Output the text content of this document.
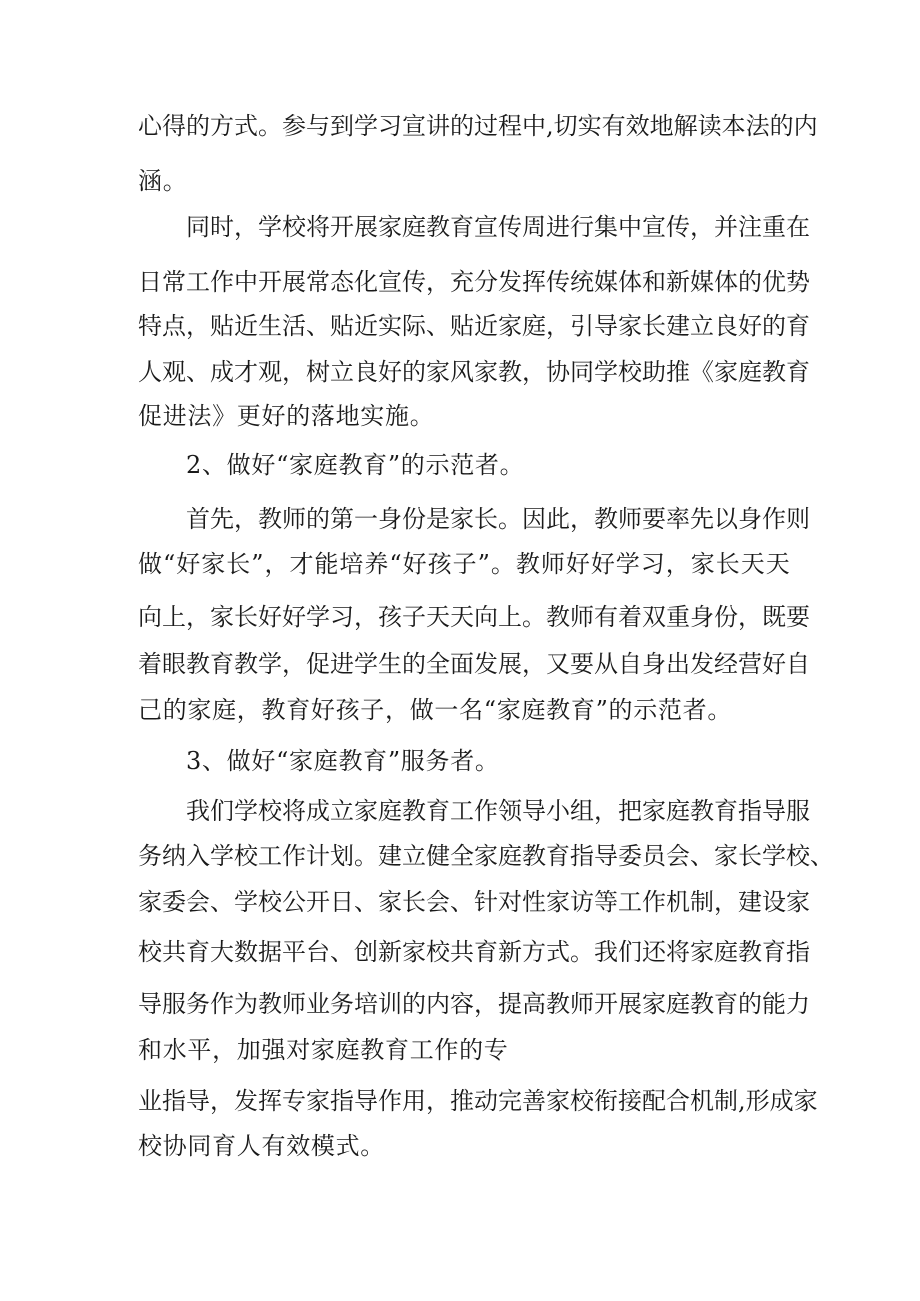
心 得 的 方 式 。 参 与 到 学 习 宣 讲 的 过 程 中 , 切 实 有 效 地 解 读 本 法 的 内
涵。
同 时 ， 学 校 将 开 展 家 庭 教 育 宣 传 周 进 行 集 中 宣 传 ， 并 注 重 在
日 常 工 作 中 开 展 常 态 化 宣 传 ， 充 分 发 挥 传 统 媒 体 和 新 媒 体 的 优 势
特 点 ， 贴 近 生 活 、 贴 近 实 际 、 贴 近 家 庭 ， 引 导 家 长 建 立 良 好 的 育
人 观 、 成 才 观 ， 树 立 良 好 的 家 风 家 教 ， 协 同 学 校 助 推 《 家 庭 教 育
促进法》更好的落地实施。
2、做好“家庭教育”的示范者。
首 先 ， 教 师 的 第 一 身 份 是 家 长 。 因 此 ， 教 师 要 率 先 以 身 作 则
做 “ 好 家 长 ” ， 才 能 培 养 “ 好 孩 子 ” 。 教 师 好 好 学 习 ， 家 长 天 天
向 上 ， 家 长 好 好 学 习 ， 孩 子 天 天 向 上 。 教 师 有 着 双 重 身 份 ， 既 要
着 眼 教 育 教 学 ， 促 进 学 生 的 全 面 发 展 ， 又 要 从 自 身 出 发 经 营 好 自
己的家庭，教育好孩子，做一名“家庭教育”的示范者。
3、做好“家庭教育”服务者。
我 们 学 校 将 成 立 家 庭 教 育 工 作 领 导 小 组 ， 把 家 庭 教 育 指 导 服
务 纳 入 学 校 工 作 计 划 。 建 立 健 全 家 庭 教 育 指 导 委 员 会 、 家 长 学 校 、
家 委 会 、 学 校 公 开 日 、 家 长 会 、 针 对 性 家 访 等 工 作 机 制 ， 建 设 家
校 共 育 大 数 据 平 台 、 创 新 家 校 共 育 新 方 式 。 我 们 还 将 家 庭 教 育 指
导 服 务 作 为 教 师 业 务 培 训 的 内 容 ， 提 高 教 师 开 展 家 庭 教 育 的 能 力
和水平，加强对家庭教育工作的专
业 指 导 ， 发 挥 专 家 指 导 作 用 ， 推 动 完 善 家 校 衔 接 配 合 机 制 , 形 成 家
校协同育人有效模式。
